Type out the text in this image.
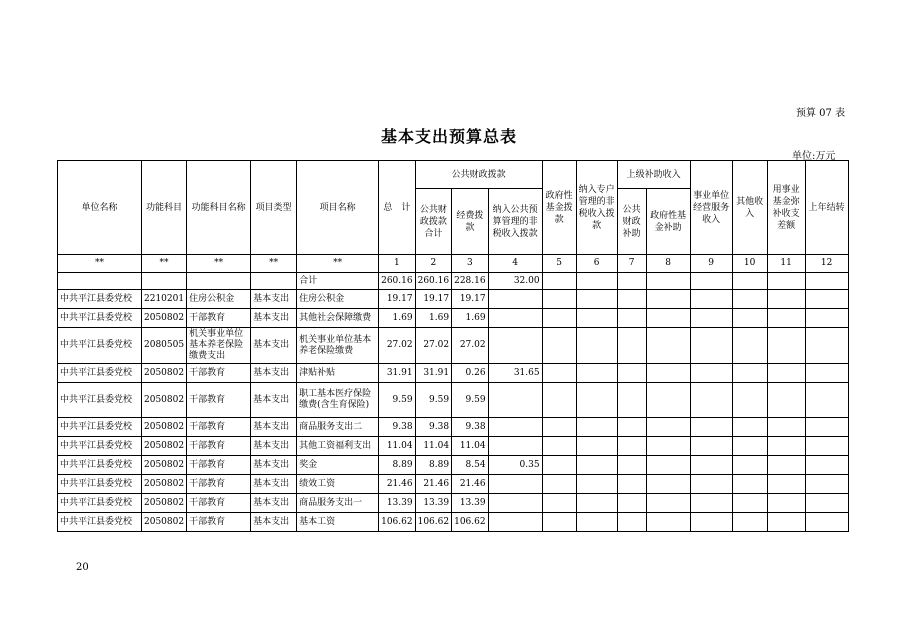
预算 07 表
基本支出预算总表
单位:万元
单位名称	功能科目	功能科目名称	项目类型	项目名称	总　计	公共财政拨款			政府性基金拨款	纳入专户管理的非税收入拨款	上级补助收入		事业单位经营服务收入	其他收入	用事业基金弥补收支差额	上年结转
						公共财政拨款合计	经费拨款	纳入公共预算管理的非税收入拨款			公共财政补助	政府性基金补助				
**	**	**	**	**	1	2	3	4	5	6	7	8	9	10	11	12
				合计	260.16	260.16	228.16	32.00								
中共平江县委党校	2210201	住房公积金	基本支出	住房公积金	19.17	19.17	19.17									
中共平江县委党校	2050802	干部教育	基本支出	其他社会保障缴费	1.69	1.69	1.69									
中共平江县委党校	2080505	机关事业单位基本养老保险缴费支出	基本支出	机关事业单位基本养老保险缴费	27.02	27.02	27.02									
中共平江县委党校	2050802	干部教育	基本支出	津贴补贴	31.91	31.91	0.26	31.65								
中共平江县委党校	2050802	干部教育	基本支出	职工基本医疗保险缴费(含生育保险)	9.59	9.59	9.59									
中共平江县委党校	2050802	干部教育	基本支出	商品服务支出二	9.38	9.38	9.38									
中共平江县委党校	2050802	干部教育	基本支出	其他工资福利支出	11.04	11.04	11.04									
中共平江县委党校	2050802	干部教育	基本支出	奖金	8.89	8.89	8.54	0.35								
中共平江县委党校	2050802	干部教育	基本支出	绩效工资	21.46	21.46	21.46									
中共平江县委党校	2050802	干部教育	基本支出	商品服务支出一	13.39	13.39	13.39									
中共平江县委党校	2050802	干部教育	基本支出	基本工资	106.62	106.62	106.62									
20
